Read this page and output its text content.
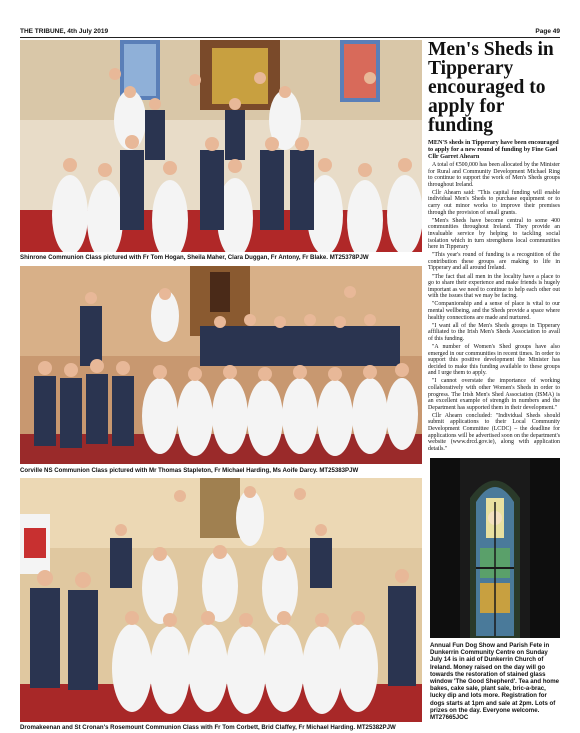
THE TRIBUNE, 4th July 2019	Page 49
Shinrone Communion Class pictured with Fr Tom Hogan, Sheila Maher, Clara Duggan, Fr Antony, Fr Blake. MT25378PJW
Corville NS Communion Class pictured with Mr Thomas Stapleton, Fr Michael Harding, Ms Aoife Darcy. MT25383PJW
Dromakeenan and St Cronan's Rosemount Communion Class with Fr Tom Corbett, Brid Claffey, Fr Michael Harding. MT25382PJW
Men's Sheds in Tipperary encouraged to apply for funding

MEN'S sheds in Tipperary have been encouraged to apply for a new round of funding by Fine Gael Cllr Garret Ahearn

A total of €500,000 has been allocated by the Minister for Rural and Community Development Michael Ring to continue to support the work of Men's Sheds groups throughout Ireland.

Cllr Ahearn said: "This capital funding will enable individual Men's Sheds to purchase equipment or to carry out minor works to improve their premises through the provision of small grants.

"Men's Sheds have become central to some 400 communities throughout Ireland. They provide an invaluable service by helping to tackling social isolation which in turn strengthens local communities here in Tipperary

"This year's round of funding is a recognition of the contribution these groups are making to life in Tipperary and all around Ireland.

"The fact that all men in the locality have a place to go to share their experience and make friends is hugely important as we need to continue to help each other out with the issues that we may be facing.

"Companionship and a sense of place is vital to our mental wellbeing, and the Sheds provide a space where healthy connections are made and nurtured.

"I want all of the Men's Sheds groups in Tipperary affiliated to the Irish Men's Sheds Association to avail of this funding.

"A number of Women's Shed groups have also emerged in our communities in recent times. In order to support this positive development the Minister has decided to make this funding available to these groups and I urge them to apply.

"I cannot overstate the importance of working collaboratively with other Women's Sheds in order to progress. The Irish Men's Shed Association (ISMA) is an excellent example of strength in numbers and the Department has supported them in their development."

Cllr Ahearn concluded: "Individual Sheds should submit applications to their Local Community Development Committee (LCDC) – the deadline for applications will be advertised soon on the department's website (www.drcd.gov.ie), along with application details."

Annual Fun Dog Show and Parish Fete in Dunkerrin Community Centre on Sunday July 14 is in aid of Dunkerrin Church of Ireland. Money raised on the day will go towards the restoration of stained glass window 'The Good Shepherd'. Tea and home bakes, cake sale, plant sale, bric-a-brac, lucky dip and lots more. Registration for dogs starts at 1pm and sale at 2pm. Lots of prizes on the day. Everyone welcome. MT27665JOC
